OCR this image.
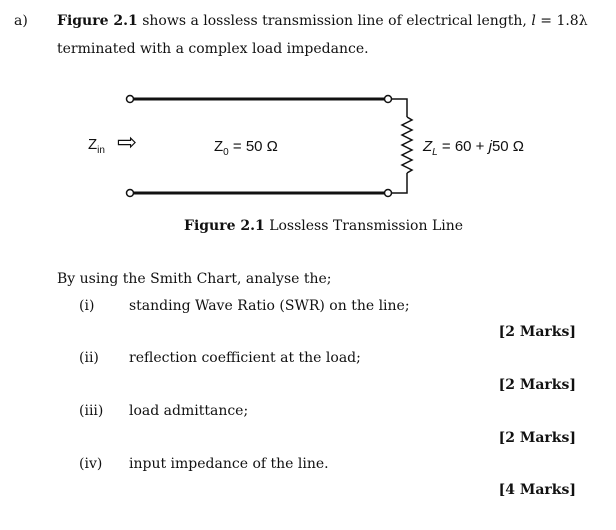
a) Figure 2.1 shows a lossless transmission line of electrical length, l = 1.8λ
terminated with a complex load impedance.
$Z_{in}$ ⇨	$Z_0 = 50$ Ω	$Z_L = 60 + j50$ Ω
Figure 2.1 Lossless Transmission Line
By using the Smith Chart, analyse the;
(i) standing Wave Ratio (SWR) on the line;
[2 Marks]
(ii) reflection coefficient at the load;
[2 Marks]
(iii) load admittance;
[2 Marks]
(iv) input impedance of the line.
[4 Marks]
